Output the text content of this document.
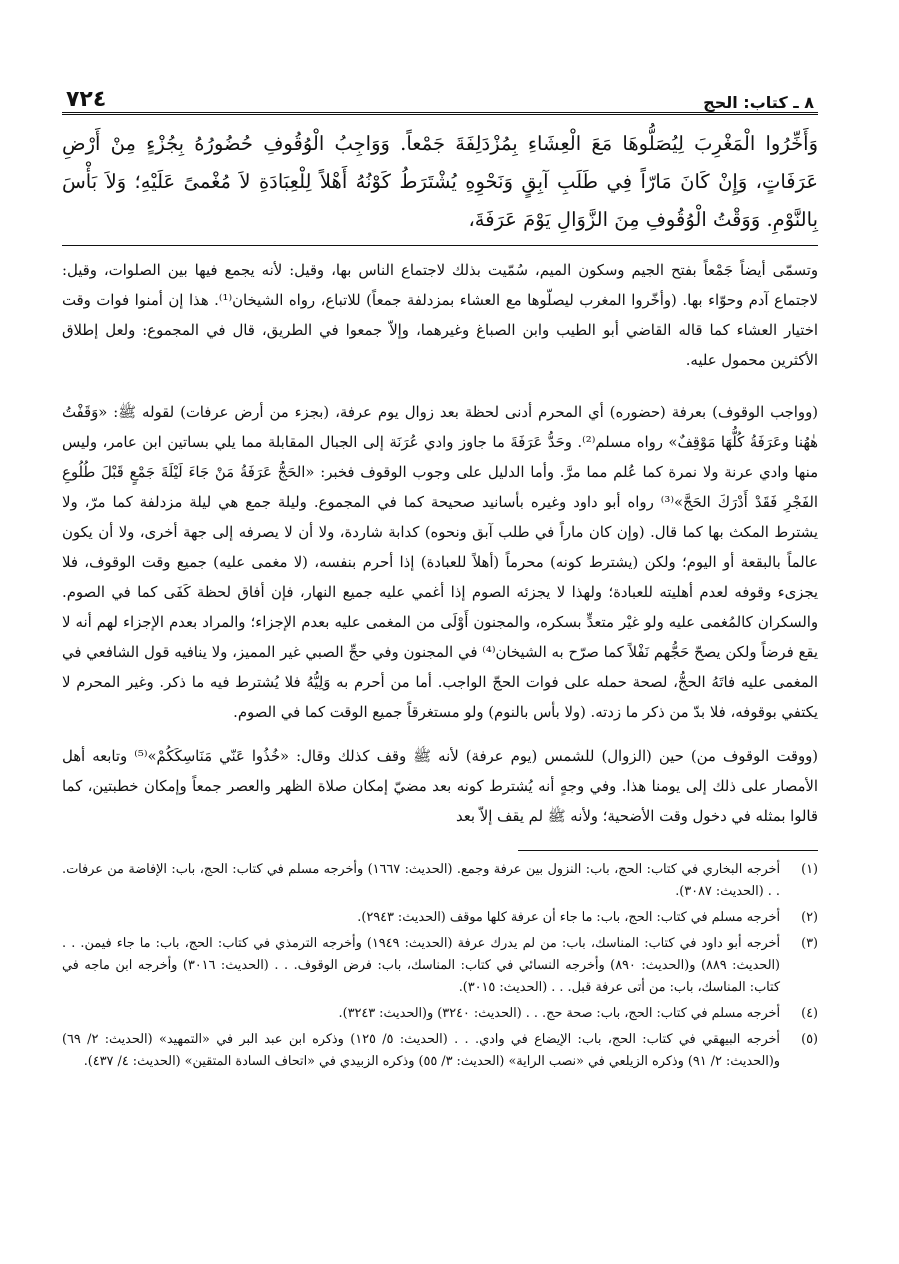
٨ ـ كتاب: الحج
٧٢٤
وَأَخِّرُوا الْمَغْرِبَ لِيُصَلُّوهَا مَعَ الْعِشَاءِ بِمُزْدَلِفَةَ جَمْعاً. وَوَاجِبُ الْوُقُوفِ حُضُورُهُ بِجُزْءٍ مِنْ أَرْضِ عَرَفَاتٍ، وَإِنْ كَانَ مَارّاً فِي طَلَبِ آبِقٍ وَنَحْوِهِ يُشْتَرَطُ كَوْنُهُ أَهْلاً لِلْعِبَادَةِ لاَ مُغْمىً عَلَيْهِ؛ وَلاَ بَأْسَ بِالنَّوْمِ. وَوَقْتُ الْوُقُوفِ مِنَ الزَّوَالِ يَوْمَ عَرَفَةَ،

وتسمّى أيضاً جَمْعاً بفتح الجيم وسكون الميم، سُمّيت بذلك لاجتماع الناس بها، وقيل: لأنه يجمع فيها بين الصلوات، وقيل: لاجتماع آدم وحوّاء بها. (وأخّروا المغرب ليصلّوها مع العشاء بمزدلفة جمعاً) للاتباع، رواه الشيخان⁽¹⁾. هذا إن أمنوا فوات وقت اختيار العشاء كما قاله القاضي أبو الطيب وابن الصباغ وغيرهما، وإلاّ جمعوا في الطريق، قال في المجموع: ولعل إطلاق الأكثرين محمول عليه.

(وواجب الوقوف) بعرفة (حضوره) أي المحرم أدنى لحظة بعد زوال يوم عرفة، (بجزء من أرض عرفات) لقوله ﷺ: «وَقَفْتُ هٰهُنا وعَرَفَةُ كُلُّهَا مَوْقِفٌ» رواه مسلم⁽²⁾. وحَدُّ عَرَفَةَ ما جاوز وادي عُرَنَة إلى الجبال المقابلة مما يلي بساتين ابن عامر، وليس منها وادي عرنة ولا نمرة كما عُلم مما مرَّ. وأما الدليل على وجوب الوقوف فخبر: «الحَجُّ عَرَفَةُ مَنْ جَاءَ لَيْلَةَ جَمْعٍ قَبْلَ طُلُوعِ الفَجْرِ فَقَدْ أَدْرَكَ الحَجَّ»⁽³⁾ رواه أبو داود وغيره بأسانيد صحيحة كما في المجموع. وليلة جمع هي ليلة مزدلفة كما مرّ، ولا يشترط المكث بها كما قال. (وإن كان ماراً في طلب آبق ونحوه) كدابة شاردة، ولا أن لا يصرفه إلى جهة أخرى، ولا أن يكون عالماً بالبقعة أو اليوم؛ ولكن (يشترط كونه) محرماً (أهلاً للعبادة) إذا أحرم بنفسه، (لا مغمى عليه) جميع وقت الوقوف، فلا يجزىء وقوفه لعدم أهليته للعبادة؛ ولهذا لا يجزئه الصوم إذا أغمي عليه جميع النهار، فإن أفاق لحظة كَفَى كما في الصوم. والسكران كالمُغمى عليه ولو غيْر متعدٍّ بسكره، والمجنون أَوْلَى من المغمى عليه بعدم الإجزاء؛ والمراد بعدم الإجزاء لهم أنه لا يقع فرضاً ولكن يصحّ حَجُّهم نَفْلاً كما صرّح به الشيخان⁽⁴⁾ في المجنون وفي حجِّ الصبي غير المميز، ولا ينافيه قول الشافعي في المغمى عليه فاتَهُ الحجُّ، لصحة حمله على فوات الحجّ الواجب. أما من أحرم به وَلِيُّهُ فلا يُشترط فيه ما ذكر. وغير المحرم لا يكتفي بوقوفه، فلا بدّ من ذكر ما زدته. (ولا بأس بالنوم) ولو مستغرقاً جميع الوقت كما في الصوم.

(ووقت الوقوف من) حين (الزوال) للشمس (يوم عرفة) لأنه ﷺ وقف كذلك وقال: «خُذُوا عَنّي مَنَاسِكَكُمْ»⁽⁵⁾ وتابعه أهل الأمصار على ذلك إلى يومنا هذا. وفي وجهٍ أنه يُشترط كونه بعد مضيّ إمكان صلاة الظهر والعصر جمعاً وإمكان خطبتين، كما قالوا بمثله في دخول وقت الأضحية؛ ولأنه ﷺ لم يقف إلاّ بعد

(١)
أخرجه البخاري في كتاب: الحج، باب: النزول بين عرفة وجمع. (الحديث: ١٦٦٧) وأخرجه مسلم في كتاب: الحج، باب: الإفاضة من عرفات. . . (الحديث: ٣٠٨٧).
(٢)
أخرجه مسلم في كتاب: الحج، باب: ما جاء أن عرفة كلها موقف (الحديث: ٢٩٤٣).
(٣)
أخرجه أبو داود في كتاب: المناسك، باب: من لم يدرك عرفة (الحديث: ١٩٤٩) وأخرجه الترمذي في كتاب: الحج، باب: ما جاء فيمن. . . (الحديث: ٨٨٩) و(الحديث: ٨٩٠) وأخرجه النسائي في كتاب: المناسك، باب: فرض الوقوف. . . (الحديث: ٣٠١٦) وأخرجه ابن ماجه في كتاب: المناسك، باب: من أتى عرفة قبل. . . (الحديث: ٣٠١٥).
(٤)
أخرجه مسلم في كتاب: الحج، باب: صحة حج. . . (الحديث: ٣٢٤٠) و(الحديث: ٣٢٤٣).
(٥)
أخرجه البيهقي في كتاب: الحج، باب: الإيضاع في وادي. . . (الحديث: ٥/ ١٢٥) وذكره ابن عبد البر في «التمهيد» (الحديث: ٢/ ٦٩) و(الحديث: ٢/ ٩١) وذكره الزيلعي في «نصب الراية» (الحديث: ٣/ ٥٥) وذكره الزبيدي في «اتحاف السادة المتقين» (الحديث: ٤/ ٤٣٧).
